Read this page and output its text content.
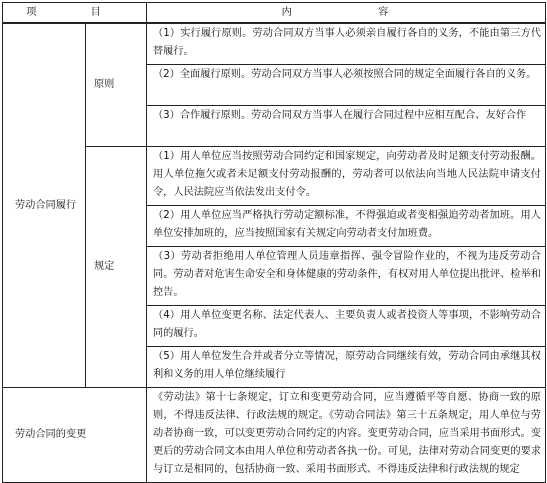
项　目		内　　容
劳动合同履行	原则	（1）实行履行原则。劳动合同双方当事人必须亲自履行各自的义务，不能由第三方代替履行。
		（2）全面履行原则。劳动合同双方当事人必须按照合同的规定全面履行各自的义务。
		（3）合作履行原则。劳动合同双方当事人在履行合同过程中应相互配合、友好合作
	规定	（1）用人单位应当按照劳动合同约定和国家规定，向劳动者及时足额支付劳动报酬。用人单位拖欠或者未足额支付劳动报酬的，劳动者可以依法向当地人民法院申请支付令，人民法院应当依法发出支付令。
		（2）用人单位应当严格执行劳动定额标准，不得强迫或者变相强迫劳动者加班。用人单位安排加班的，应当按照国家有关规定向劳动者支付加班费。
		（3）劳动者拒绝用人单位管理人员违章指挥、强令冒险作业的，不视为违反劳动合同。劳动者对危害生命安全和身体健康的劳动条件，有权对用人单位提出批评、检举和控告。
		（4）用人单位变更名称、法定代表人、主要负责人或者投资人等事项，不影响劳动合同的履行。
		（5）用人单位发生合并或者分立等情况，原劳动合同继续有效，劳动合同由承继其权利和义务的用人单位继续履行
劳动合同的变更		《劳动法》第十七条规定，订立和变更劳动合同，应当遵循平等自愿、协商一致的原则，不得违反法律、行政法规的规定。《劳动合同法》第三十五条规定，用人单位与劳动者协商一致，可以变更劳动合同约定的内容。变更劳动合同，应当采用书面形式。变更后的劳动合同文本由用人单位和劳动者各执一份。可见，法律对劳动合同变更的要求与订立是相同的，包括协商一致、采用书面形式、不得违反法律和行政法规的规定
